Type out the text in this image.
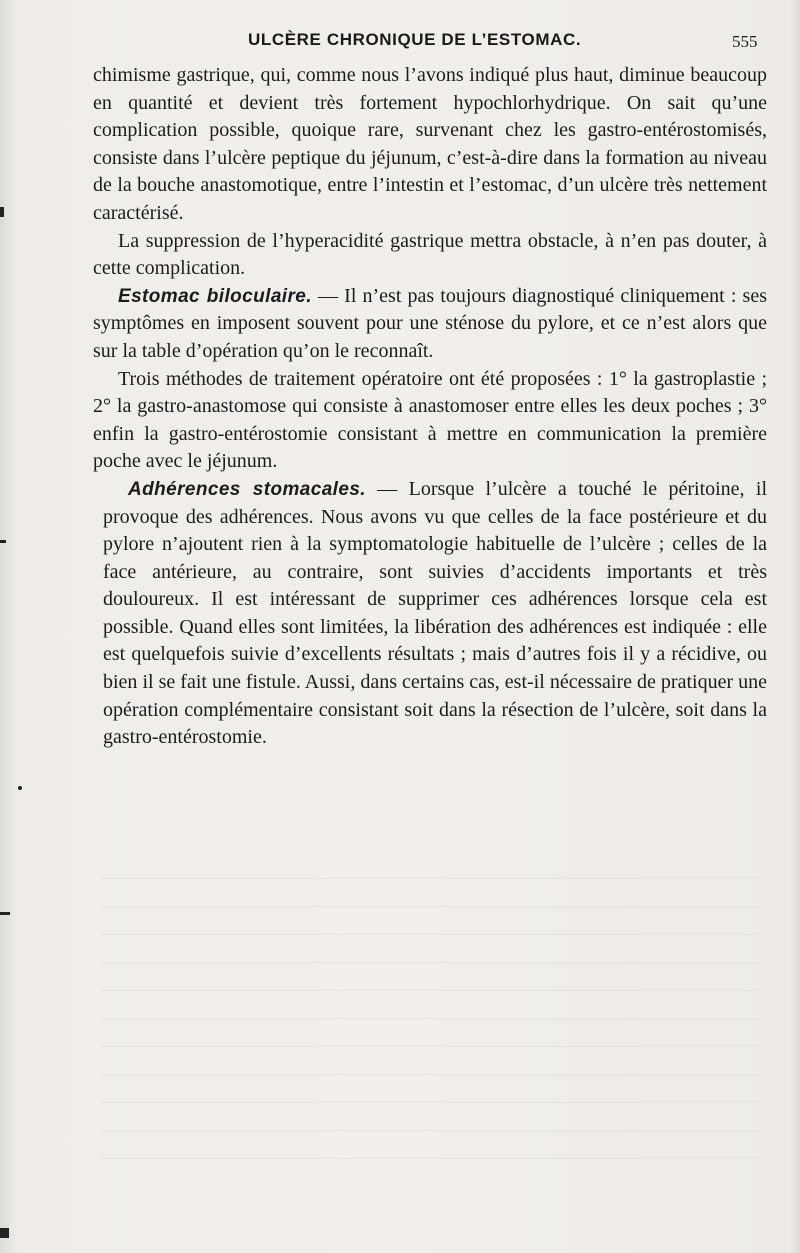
ULCÈRE CHRONIQUE DE L’ESTOMAC.	555

chimisme gastrique, qui, comme nous l’avons indiqué plus haut, diminue beaucoup en quantité et devient très fortement hypochlorhydrique. On sait qu’une complication possible, quoique rare, survenant chez les gastro-entérostomisés, consiste dans l’ulcère peptique du jéjunum, c’est-à-dire dans la formation au niveau de la bouche anastomotique, entre l’intestin et l’estomac, d’un ulcère très nettement caractérisé.

La suppression de l’hyperacidité gastrique mettra obstacle, à n’en pas douter, à cette complication.

Estomac biloculaire. — Il n’est pas toujours diagnostiqué cliniquement : ses symptômes en imposent souvent pour une sténose du pylore, et ce n’est alors que sur la table d’opération qu’on le reconnaît.

Trois méthodes de traitement opératoire ont été proposées : 1° la gastroplastie ; 2° la gastro-anastomose qui consiste à anastomoser entre elles les deux poches ; 3° enfin la gastro-entérostomie consistant à mettre en communication la première poche avec le jéjunum.

Adhérences stomacales. — Lorsque l’ulcère a touché le péritoine, il provoque des adhérences. Nous avons vu que celles de la face postérieure et du pylore n’ajoutent rien à la symptomatologie habituelle de l’ulcère ; celles de la face antérieure, au contraire, sont suivies d’accidents importants et très douloureux. Il est intéressant de supprimer ces adhérences lorsque cela est possible. Quand elles sont limitées, la libération des adhérences est indiquée : elle est quelquefois suivie d’excellents résultats ; mais d’autres fois il y a récidive, ou bien il se fait une fistule. Aussi, dans certains cas, est-il nécessaire de pratiquer une opération complémentaire consistant soit dans la résection de l’ulcère, soit dans la gastro-entérostomie.
